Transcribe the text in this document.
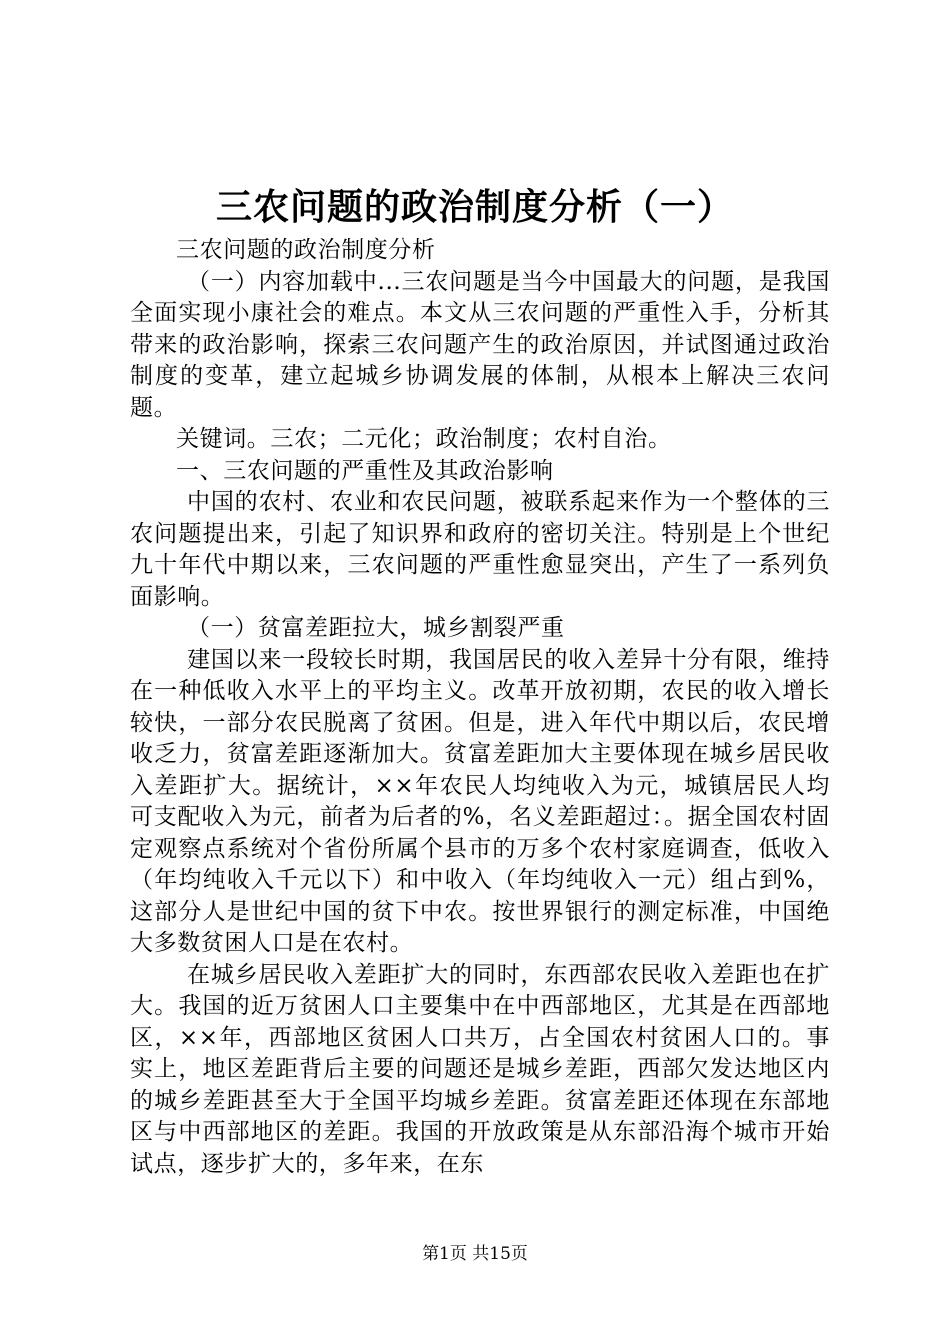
三农问题的政治制度分析（一）

三农问题的政治制度分析

（一）内容加载中...三农问题是当今中国最大的问题，是我国全面实现小康社会的难点。本文从三农问题的严重性入手，分析其带来的政治影响，探索三农问题产生的政治原因，并试图通过政治制度的变革，建立起城乡协调发展的体制，从根本上解决三农问题。

关键词。三农；二元化；政治制度；农村自治。

一、三农问题的严重性及其政治影响

中国的农村、农业和农民问题，被联系起来作为一个整体的三农问题提出来，引起了知识界和政府的密切关注。特别是上个世纪九十年代中期以来，三农问题的严重性愈显突出，产生了一系列负面影响。

（一）贫富差距拉大，城乡割裂严重

建国以来一段较长时期，我国居民的收入差异十分有限，维持在一种低收入水平上的平均主义。改革开放初期，农民的收入增长较快，一部分农民脱离了贫困。但是，进入年代中期以后，农民增收乏力，贫富差距逐渐加大。贫富差距加大主要体现在城乡居民收入差距扩大。据统计，××年农民人均纯收入为元，城镇居民人均可支配收入为元，前者为后者的%，名义差距超过：。据全国农村固定观察点系统对个省份所属个县市的万多个农村家庭调查，低收入（年均纯收入千元以下）和中收入（年均纯收入一元）组占到%，这部分人是世纪中国的贫下中农。按世界银行的测定标准，中国绝大多数贫困人口是在农村。

在城乡居民收入差距扩大的同时，东西部农民收入差距也在扩大。我国的近万贫困人口主要集中在中西部地区，尤其是在西部地区，××年，西部地区贫困人口共万，占全国农村贫困人口的。事实上，地区差距背后主要的问题还是城乡差距，西部欠发达地区内的城乡差距甚至大于全国平均城乡差距。贫富差距还体现在东部地区与中西部地区的差距。我国的开放政策是从东部沿海个城市开始试点，逐步扩大的，多年来，在东

第1页 共15页
